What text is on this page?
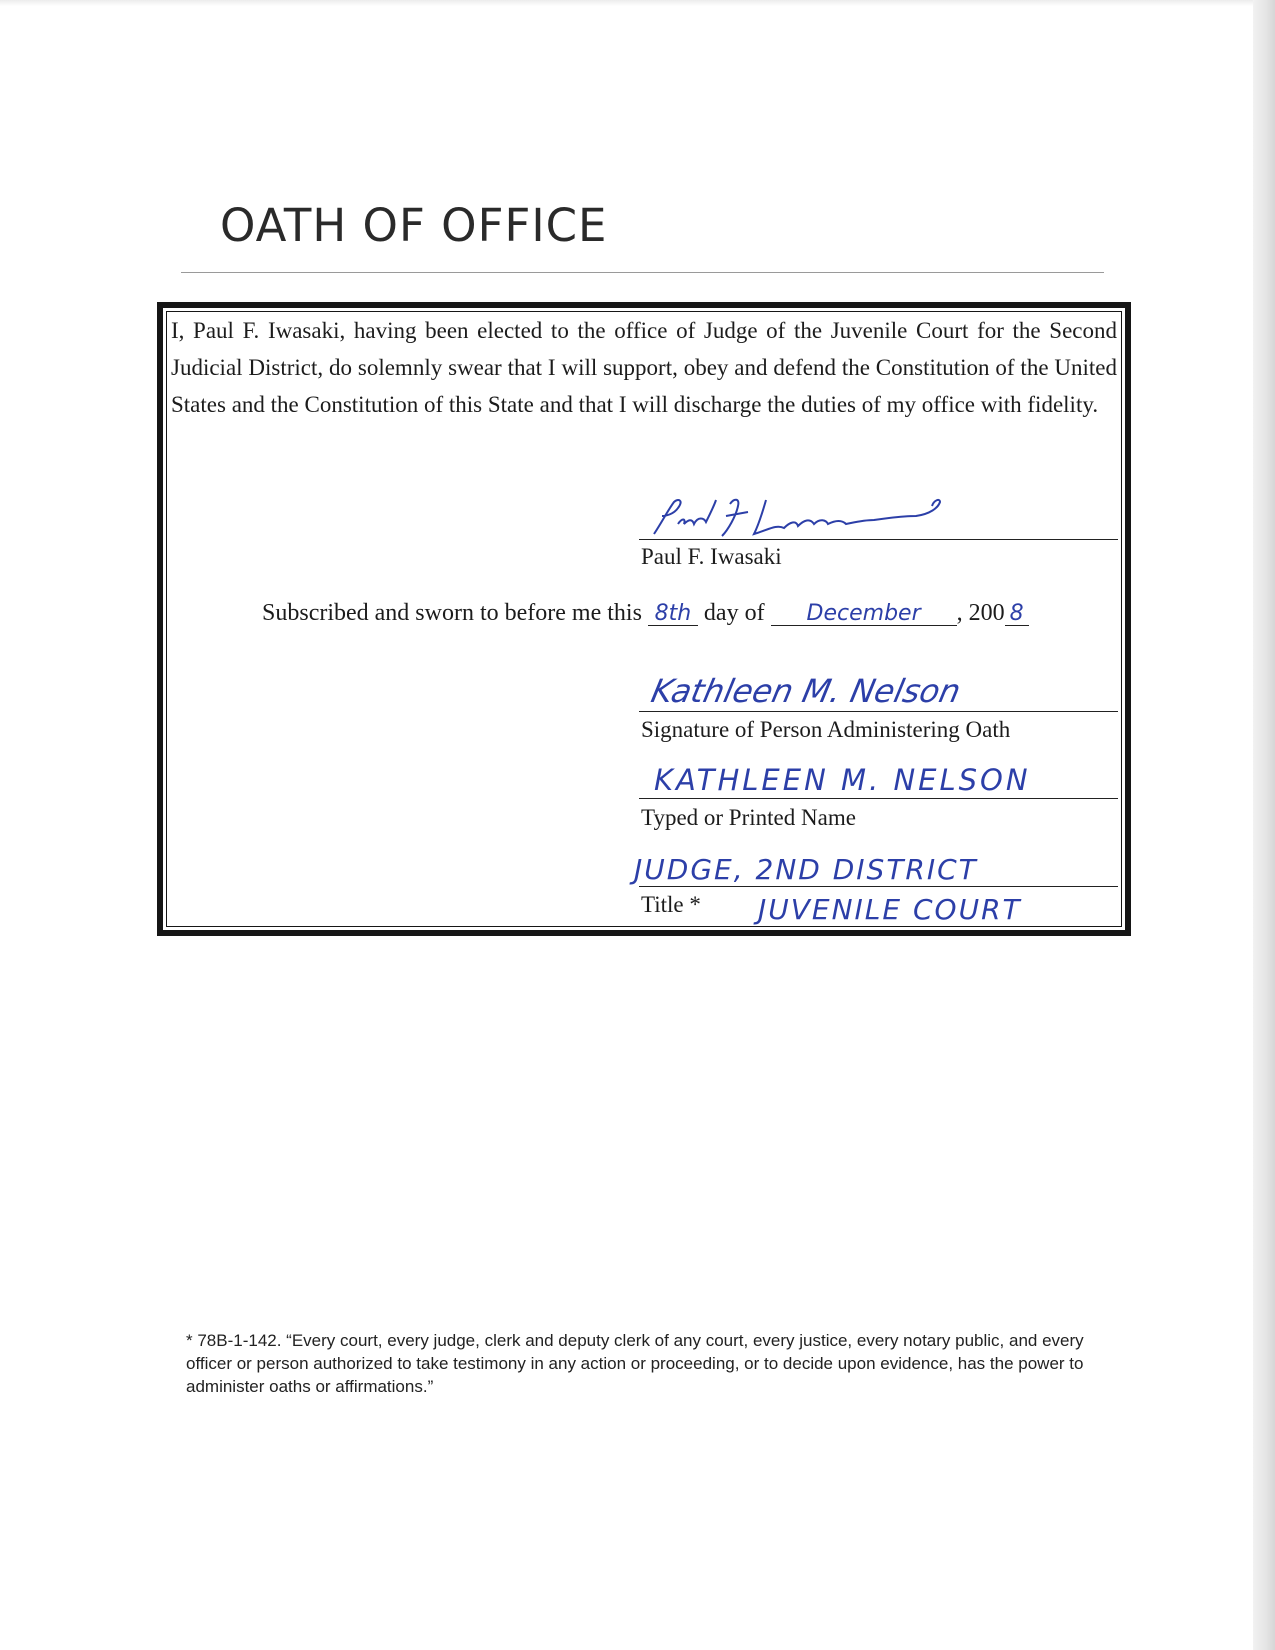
OATH OF OFFICE

I, Paul F. Iwasaki, having been elected to the office of Judge of the Juvenile Court for the Second Judicial District, do solemnly swear that I will support, obey and defend the Constitution of the United States and the Constitution of this State and that I will discharge the duties of my office with fidelity.

Paul F. Iwasaki
Subscribed and sworn to before me this 8th day of December , 200 8
Kathleen M. Nelson
Signature of Person Administering Oath
KATHLEEN M. NELSON
Typed or Printed Name
JUDGE, 2ND DISTRICT
Title * JUVENILE COURT

* 78B-1-142. “Every court, every judge, clerk and deputy clerk of any court, every justice, every notary public, and every officer or person authorized to take testimony in any action or proceeding, or to decide upon evidence, has the power to administer oaths or affirmations.”
